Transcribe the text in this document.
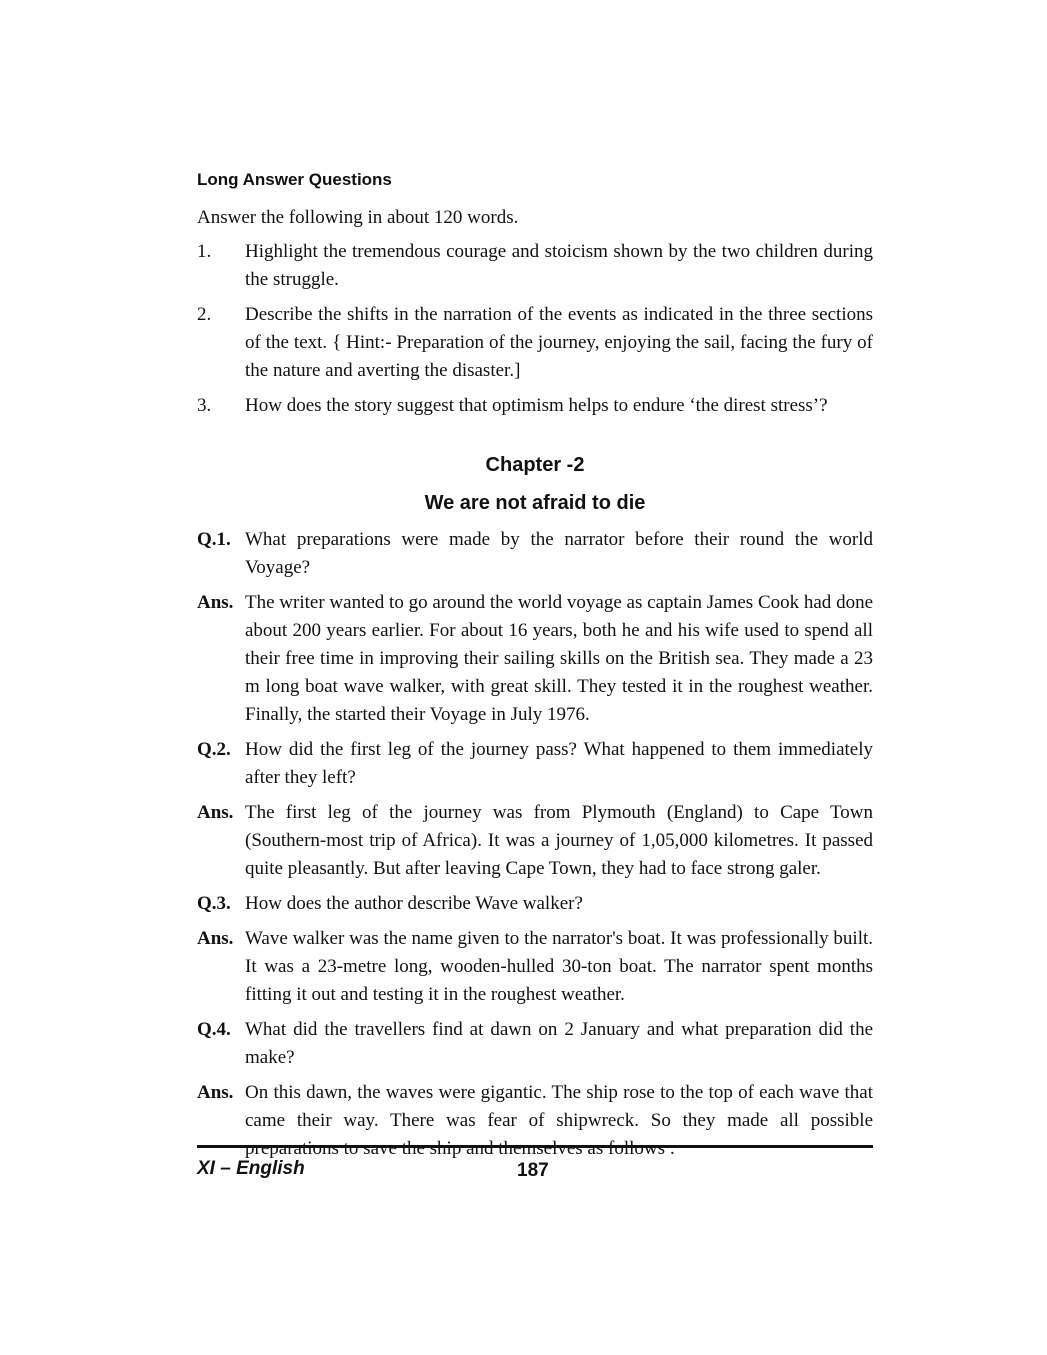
Long Answer Questions
Answer the following in about 120 words.
1.	Highlight the tremendous courage and stoicism shown by the two children during the struggle.
2.	Describe the shifts in the narration of the events as indicated in the three sections of the text. { Hint:- Preparation of the journey, enjoying the sail, facing the fury of the nature and averting the disaster.]
3.	How does the story suggest that optimism helps to endure ‘the direst stress’?
Chapter -2
We are not afraid to die
Q.1. What preparations were made by the narrator before their round the world Voyage?
Ans. The writer wanted to go around the world voyage as captain James Cook had done about 200 years earlier. For about 16 years, both he and his wife used to spend all their free time in improving their sailing skills on the British sea. They made a 23 m long boat wave walker, with great skill. They tested it in the roughest weather. Finally, the started their Voyage in July 1976.
Q.2. How did the first leg of the journey pass? What happened to them immediately after they left?
Ans. The first leg of the journey was from Plymouth (England) to Cape Town (Southern-most trip of Africa). It was a journey of 1,05,000 kilometres. It passed quite pleasantly. But after leaving Cape Town, they had to face strong galer.
Q.3. How does the author describe Wave walker?
Ans. Wave walker was the name given to the narrator's boat. It was professionally built. It was a 23-metre long, wooden-hulled 30-ton boat. The narrator spent months fitting it out and testing it in the roughest weather.
Q.4. What did the travellers find at dawn on 2 January and what preparation did the make?
Ans. On this dawn, the waves were gigantic. The ship rose to the top of each wave that came their way. There was fear of shipwreck. So they made all possible preparations to save the ship and themselves as follows :
XI – English	187
